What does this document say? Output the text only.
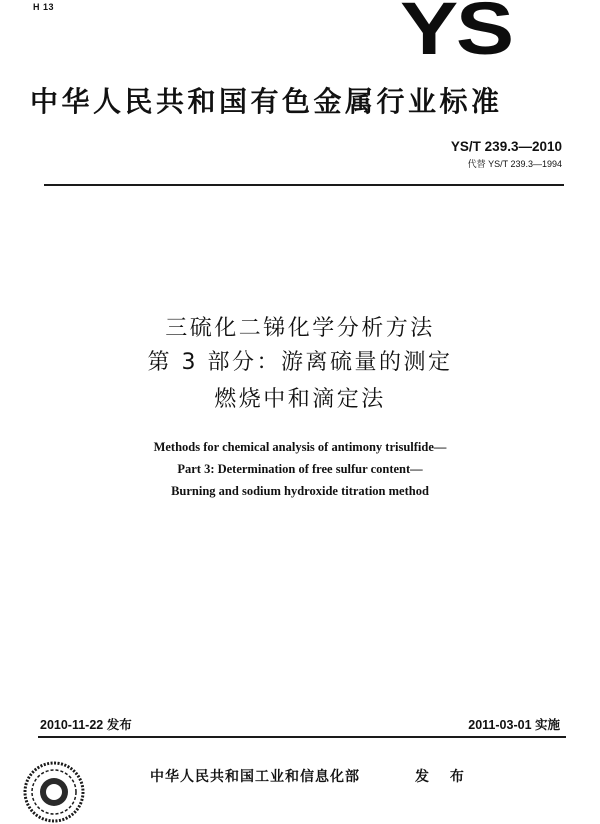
H 13	YS
中华人民共和国有色金属行业标准
YS/T 239.3—2010
代替 YS/T 239.3—1994
三硫化二锑化学分析方法
第 3 部分：游离硫量的测定
燃烧中和滴定法
Methods for chemical analysis of antimony trisulfide—
Part 3: Determination of free sulfur content—
Burning and sodium hydroxide titration method
2010-11-22 发布	2011-03-01 实施
中华人民共和国工业和信息化部	发 布
